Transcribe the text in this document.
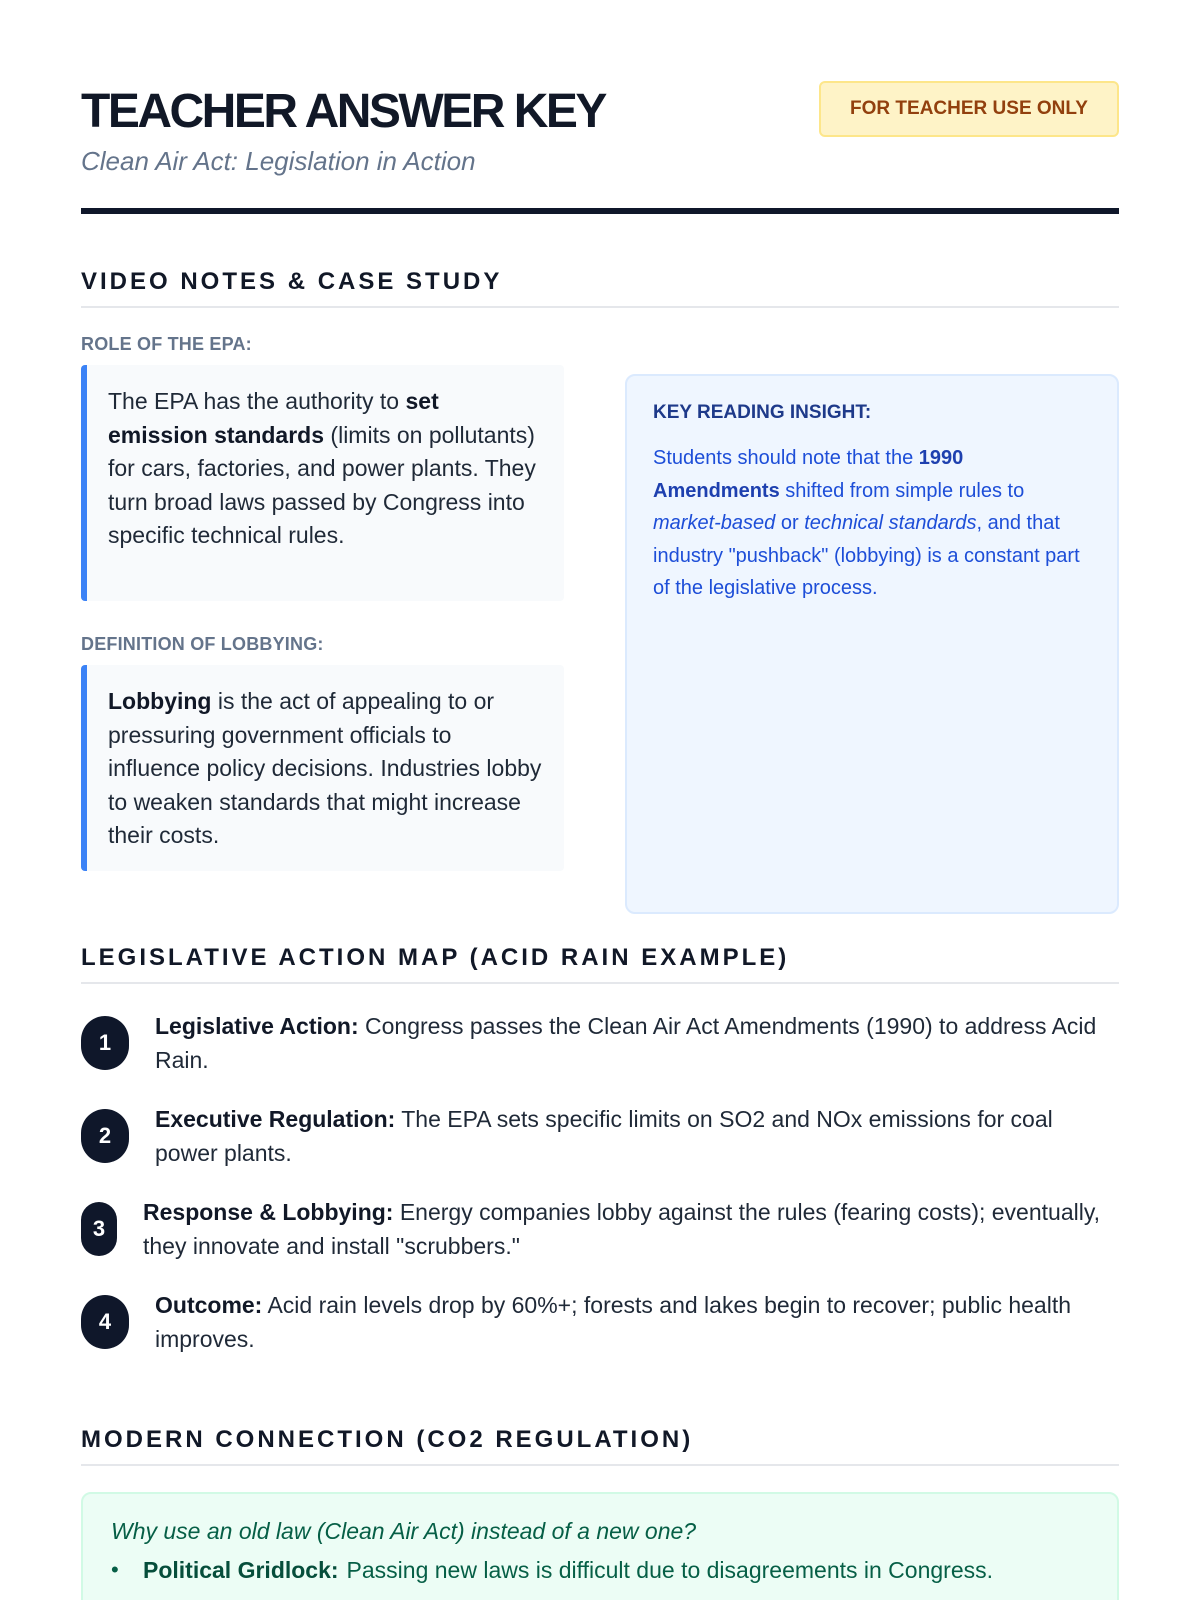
TEACHER ANSWER KEY
Clean Air Act: Legislation in Action
FOR TEACHER USE ONLY
VIDEO NOTES & CASE STUDY
ROLE OF THE EPA:
The EPA has the authority to set emission standards (limits on pollutants) for cars, factories, and power plants. They turn broad laws passed by Congress into specific technical rules.
DEFINITION OF LOBBYING:
Lobbying is the act of appealing to or pressuring government officials to influence policy decisions. Industries lobby to weaken standards that might increase their costs.
KEY READING INSIGHT:
Students should note that the 1990 Amendments shifted from simple rules to market-based or technical standards, and that industry "pushback" (lobbying) is a constant part of the legislative process.
LEGISLATIVE ACTION MAP (ACID RAIN EXAMPLE)
1
Legislative Action: Congress passes the Clean Air Act Amendments (1990) to address Acid Rain.
2
Executive Regulation: The EPA sets specific limits on SO2 and NOx emissions for coal power plants.
3
Response & Lobbying: Energy companies lobby against the rules (fearing costs); eventually, they innovate and install "scrubbers."
4
Outcome: Acid rain levels drop by 60%+; forests and lakes begin to recover; public health improves.
MODERN CONNECTION (CO2 REGULATION)
Why use an old law (Clean Air Act) instead of a new one?
•	Political Gridlock: Passing new laws is difficult due to disagreements in Congress.
